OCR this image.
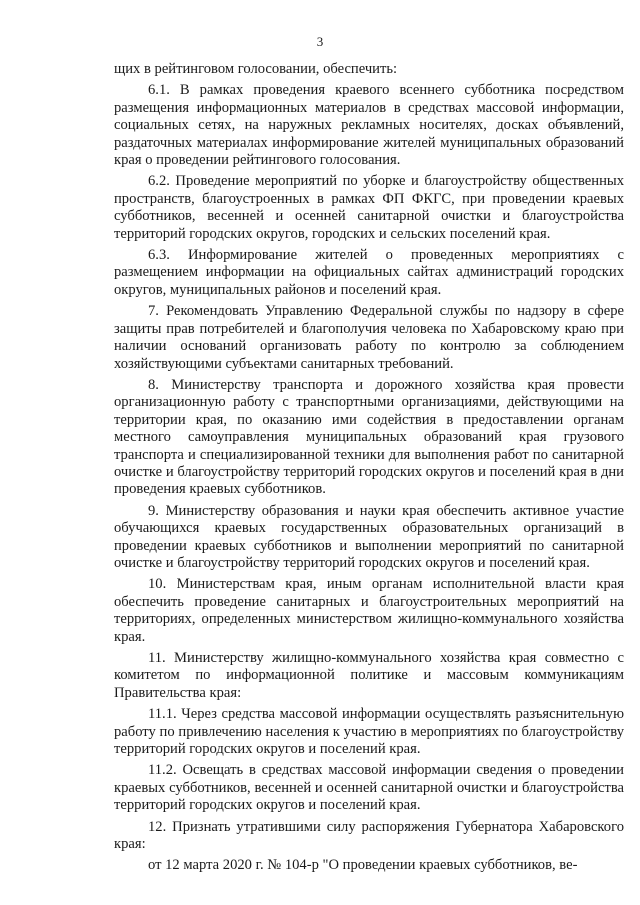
3

щих в рейтинговом голосовании, обеспечить:

6.1. В рамках проведения краевого всеннего субботника посредством размещения информационных материалов в средствах массовой информации, социальных сетях, на наружных рекламных носителях, досках объявлений, раздаточных материалах информирование жителей муниципальных образований края о проведении рейтингового голосования.

6.2. Проведение мероприятий по уборке и благоустройству общественных пространств, благоустроенных в рамках ФП ФКГС, при проведении краевых субботников, весенней и осенней санитарной очистки и благоустройства территорий городских округов, городских и сельских поселений края.

6.3. Информирование жителей о проведенных мероприятиях с размещением информации на официальных сайтах администраций городских округов, муниципальных районов и поселений края.

7. Рекомендовать Управлению Федеральной службы по надзору в сфере защиты прав потребителей и благополучия человека по Хабаровскому краю при наличии оснований организовать работу по контролю за соблюдением хозяйствующими субъектами санитарных требований.

8. Министерству транспорта и дорожного хозяйства края провести организационную работу с транспортными организациями, действующими на территории края, по оказанию ими содействия в предоставлении органам местного самоуправления муниципальных образований края грузового транспорта и специализированной техники для выполнения работ по санитарной очистке и благоустройству территорий городских округов и поселений края в дни проведения краевых субботников.

9. Министерству образования и науки края обеспечить активное участие обучающихся краевых государственных образовательных организаций в проведении краевых субботников и выполнении мероприятий по санитарной очистке и благоустройству территорий городских округов и поселений края.

10. Министерствам края, иным органам исполнительной власти края обеспечить проведение санитарных и благоустроительных мероприятий на территориях, определенных министерством жилищно-коммунального хозяйства края.

11. Министерству жилищно-коммунального хозяйства края совместно с комитетом по информационной политике и массовым коммуникациям Правительства края:

11.1. Через средства массовой информации осуществлять разъяснительную работу по привлечению населения к участию в мероприятиях по благоустройству территорий городских округов и поселений края.

11.2. Освещать в средствах массовой информации сведения о проведении краевых субботников, весенней и осенней санитарной очистки и благоустройства территорий городских округов и поселений края.

12. Признать утратившими силу распоряжения Губернатора Хабаровского края:

от 12 марта 2020 г. № 104-р "О проведении краевых субботников, ве-
